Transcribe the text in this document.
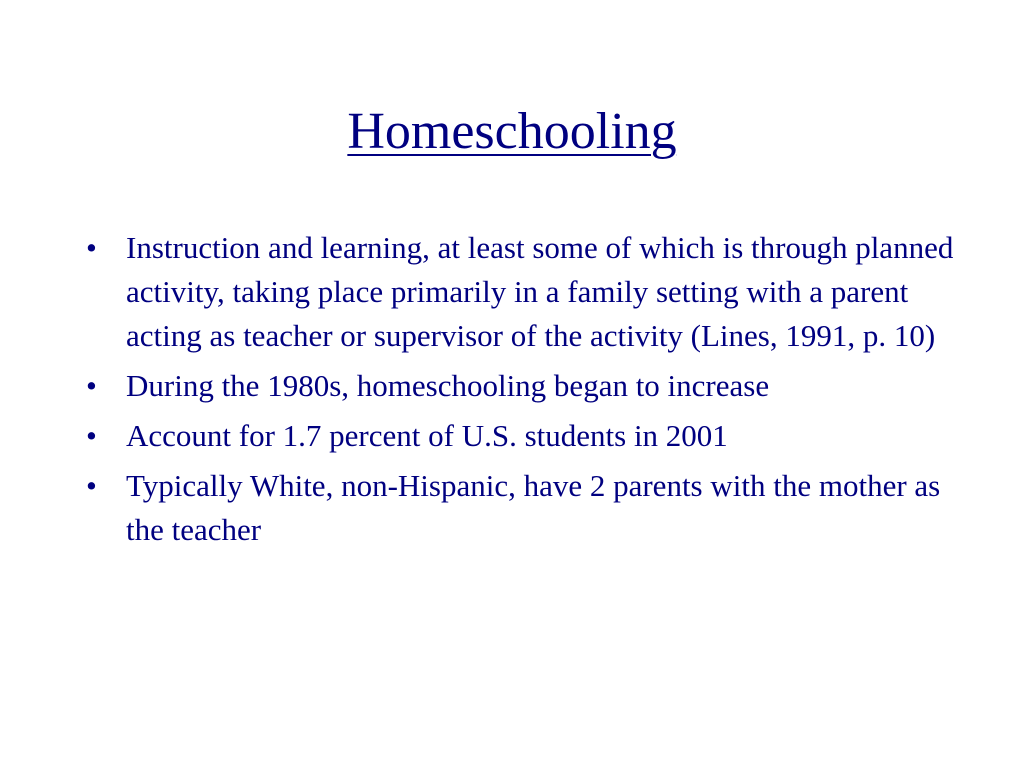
Homeschooling
• Instruction and learning, at least some of which is through planned activity, taking place primarily in a family setting with a parent acting as teacher or supervisor of the activity (Lines, 1991, p. 10)
• During the 1980s, homeschooling began to increase
• Account for 1.7 percent of U.S. students in 2001
• Typically White, non-Hispanic, have 2 parents with the mother as the teacher
